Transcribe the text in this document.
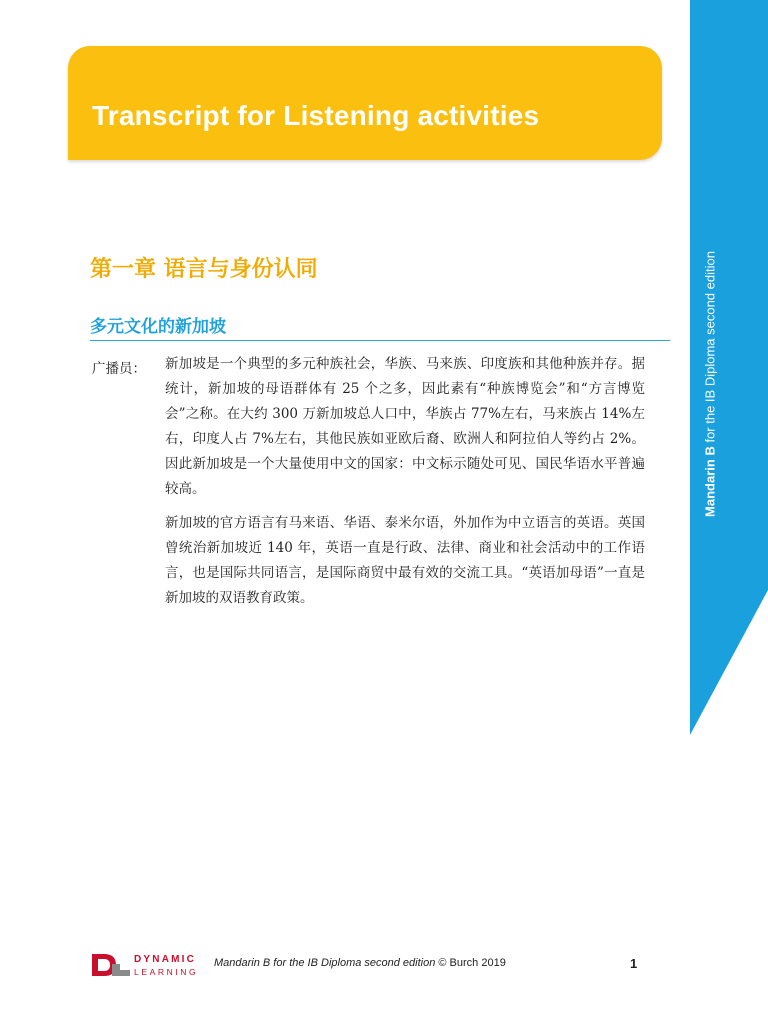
Transcript for Listening activities
Mandarin B for the IB Diploma second edition
第一章 语言与身份认同
多元文化的新加坡
广播员： 新加坡是一个典型的多元种族社会，华族、马来族、印度族和其他种族并存。据统计，新加坡的母语群体有 25 个之多，因此素有“种族博览会”和“方言博览会”之称。在大约 300 万新加坡总人口中，华族占 77%左右，马来族占 14%左右，印度人占 7%左右，其他民族如亚欧后裔、欧洲人和阿拉伯人等约占 2%。因此新加坡是一个大量使用中文的国家：中文标示随处可见、国民华语水平普遍较高。

新加坡的官方语言有马来语、华语、泰米尔语，外加作为中立语言的英语。英国曾统治新加坡近 140 年，英语一直是行政、法律、商业和社会活动中的工作语言，也是国际共同语言，是国际商贸中最有效的交流工具。“英语加母语”一直是新加坡的双语教育政策。

DYNAMIC
LEARNING
Mandarin B for the IB Diploma second edition © Burch 2019	1
